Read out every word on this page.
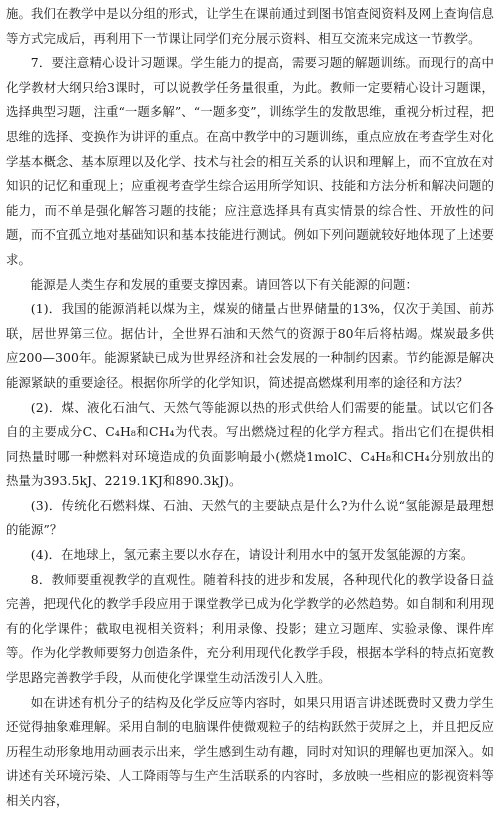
施。我们在教学中是以分组的形式，让学生在课前通过到图书馆查阅资料及网上查询信息等方式完成后，再利用下一节课让同学们充分展示资料、相互交流来完成这一节教学。

7．要注意精心设计习题课。学生能力的提高，需要习题的解题训练。而现行的高中化学教材大纲只给3课时，可以说教学任务量很重，为此。教师一定要精心设计习题课，选择典型习题，注重“一题多解”、“一题多变”，训练学生的发散思维，重视分析过程，把思维的选择、变换作为讲评的重点。在高中教学中的习题训练，重点应放在考查学生对化学基本概念、基本原理以及化学、技术与社会的相互关系的认识和理解上，而不宜放在对知识的记忆和重现上；应重视考查学生综合运用所学知识、技能和方法分析和解决问题的能力，而不单是强化解答习题的技能；应注意选择具有真实情景的综合性、开放性的问题，而不宜孤立地对基础知识和基本技能进行测试。例如下列问题就较好地体现了上述要求。

能源是人类生存和发展的重要支撑因素。请回答以下有关能源的问题：

(1)．我国的能源消耗以煤为主，煤炭的储量占世界储量的13%，仅次于美国、前苏联，居世界第三位。据估计，全世界石油和天然气的资源于80年后将枯竭。煤炭最多供应200—300年。能源紧缺已成为世界经济和社会发展的一种制约因素。节约能源是解决能源紧缺的重要途径。根据你所学的化学知识，简述提高燃煤利用率的途径和方法？

(2)．煤、液化石油气、天然气等能源以热的形式供给人们需要的能量。试以它们各自的主要成分C、C₄H₈和CH₄为代表。写出燃烧过程的化学方程式。指出它们在提供相同热量时哪一种燃料对环境造成的负面影响最小(燃烧1molC、C₄H₈和CH₄分别放出的热量为393.5kJ、2219.1KJ和890.3kJ)。

(3)．传统化石燃料煤、石油、天然气的主要缺点是什么?为什么说“氢能源是最理想的能源”？

(4)．在地球上，氢元素主要以水存在，请设计利用水中的氢开发氢能源的方案。

8．教师要重视教学的直观性。随着科技的进步和发展，各种现代化的教学设备日益完善，把现代化的教学手段应用于课堂教学已成为化学教学的必然趋势。如自制和利用现有的化学课件；截取电视相关资料；利用录像、投影；建立习题库、实验录像、课件库等。作为化学教师要努力创造条件，充分利用现代化教学手段，根据本学科的特点拓宽教学思路完善教学手段，从而使化学课堂生动活泼引人入胜。

如在讲述有机分子的结构及化学反应等内容时，如果只用语言讲述既费时又费力学生还觉得抽象难理解。采用自制的电脑课件使微观粒子的结构跃然于荧屏之上，并且把反应历程生动形象地用动画表示出来，学生感到生动有趣，同时对知识的理解也更加深入。如讲述有关环境污染、人工降雨等与生产生活联系的内容时，多放映一些相应的影视资料等相关内容，
